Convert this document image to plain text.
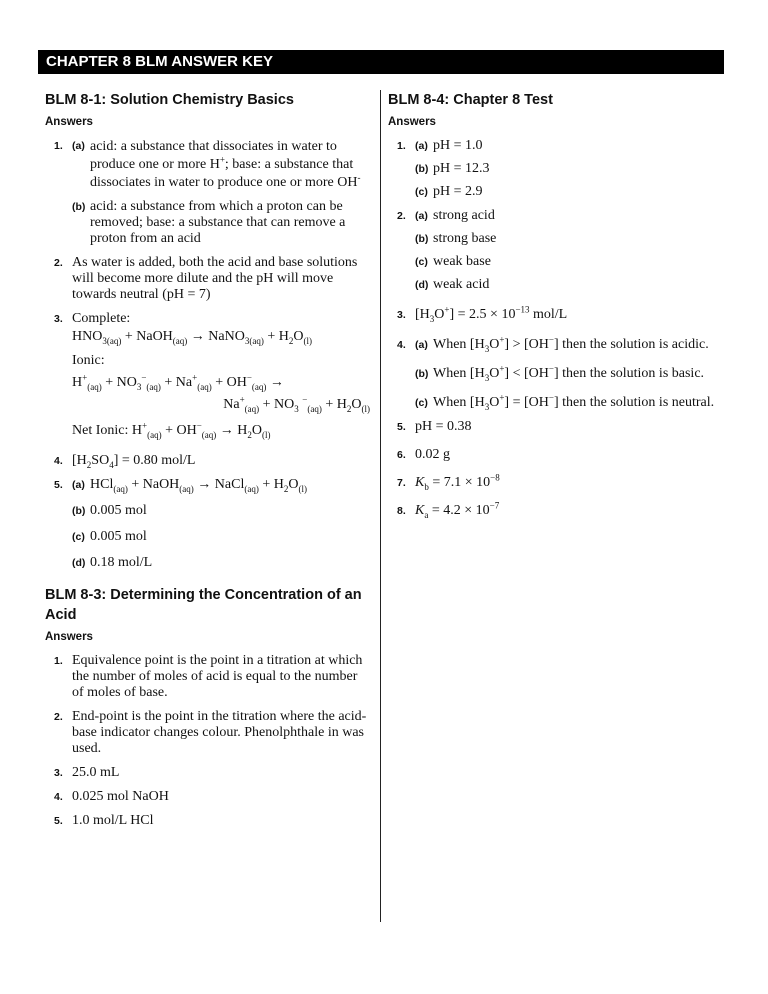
CHAPTER 8 BLM ANSWER KEY
BLM 8-1: Solution Chemistry Basics
Answers
1. (a) acid: a substance that dissociates in water to produce one or more H+; base: a substance that dissociates in water to produce one or more OH-
(b) acid: a substance from which a proton can be removed; base: a substance that can remove a proton from an acid
2. As water is added, both the acid and base solutions will become more dilute and the pH will move towards neutral (pH = 7)
3. Complete:
$HNO_{3(aq)}$ + NaOH$_{(aq)}$ → NaNO$_{3(aq)}$ + $H_2O_{(l)}$
Ionic:
$H^+_{(aq)} + NO_3^-_{(aq)} + Na^+_{(aq)} + OH^-_{(aq)}$ →
$Na^+_{(aq)} + NO_3$ $^-_{(aq)} + H_2O_{(l)}$
Net Ionic: $H^+_{(aq)} + OH^-_{(aq)} \to H_2O_{(l)}$
4. $[H_2SO_4] = 0.80$ mol/L
5. (a) HCl$_{(aq)}$ + NaOH$_{(aq)}$ → NaCl$_{(aq)}$ + $H_2O_{(l)}$
(b) 0.005 mol
(c) 0.005 mol
(d) 0.18 mol/L
BLM 8-3: Determining the Concentration of an Acid
Answers
1. Equivalence point is the point in a titration at which the number of moles of acid is equal to the number of moles of base.
2. End-point is the point in the titration where the acid-base indicator changes colour. Phenolphthale in was used.
3. 25.0 mL
4. 0.025 mol NaOH
5. 1.0 mol/L HCl
BLM 8-4: Chapter 8 Test
Answers
1. (a) pH = 1.0
(b) pH = 12.3
(c) pH = 2.9
2. (a) strong acid
(b) strong base
(c) weak base
(d) weak acid
3. $[H_3O^+] = 2.5 \times 10^{-13}$ mol/L
4. (a) When $[H_3O^+] > [OH^-]$ then the solution is acidic.
(b) When $[H_3O^+] < [OH^-]$ then the solution is basic.
(c) When $[H_3O^+] = [OH^-]$ then the solution is neutral.
5. pH = 0.38
6. 0.02 g
7. $K_b = 7.1 \times 10^{-8}$
8. $K_a = 4.2 \times 10^{-7}$
